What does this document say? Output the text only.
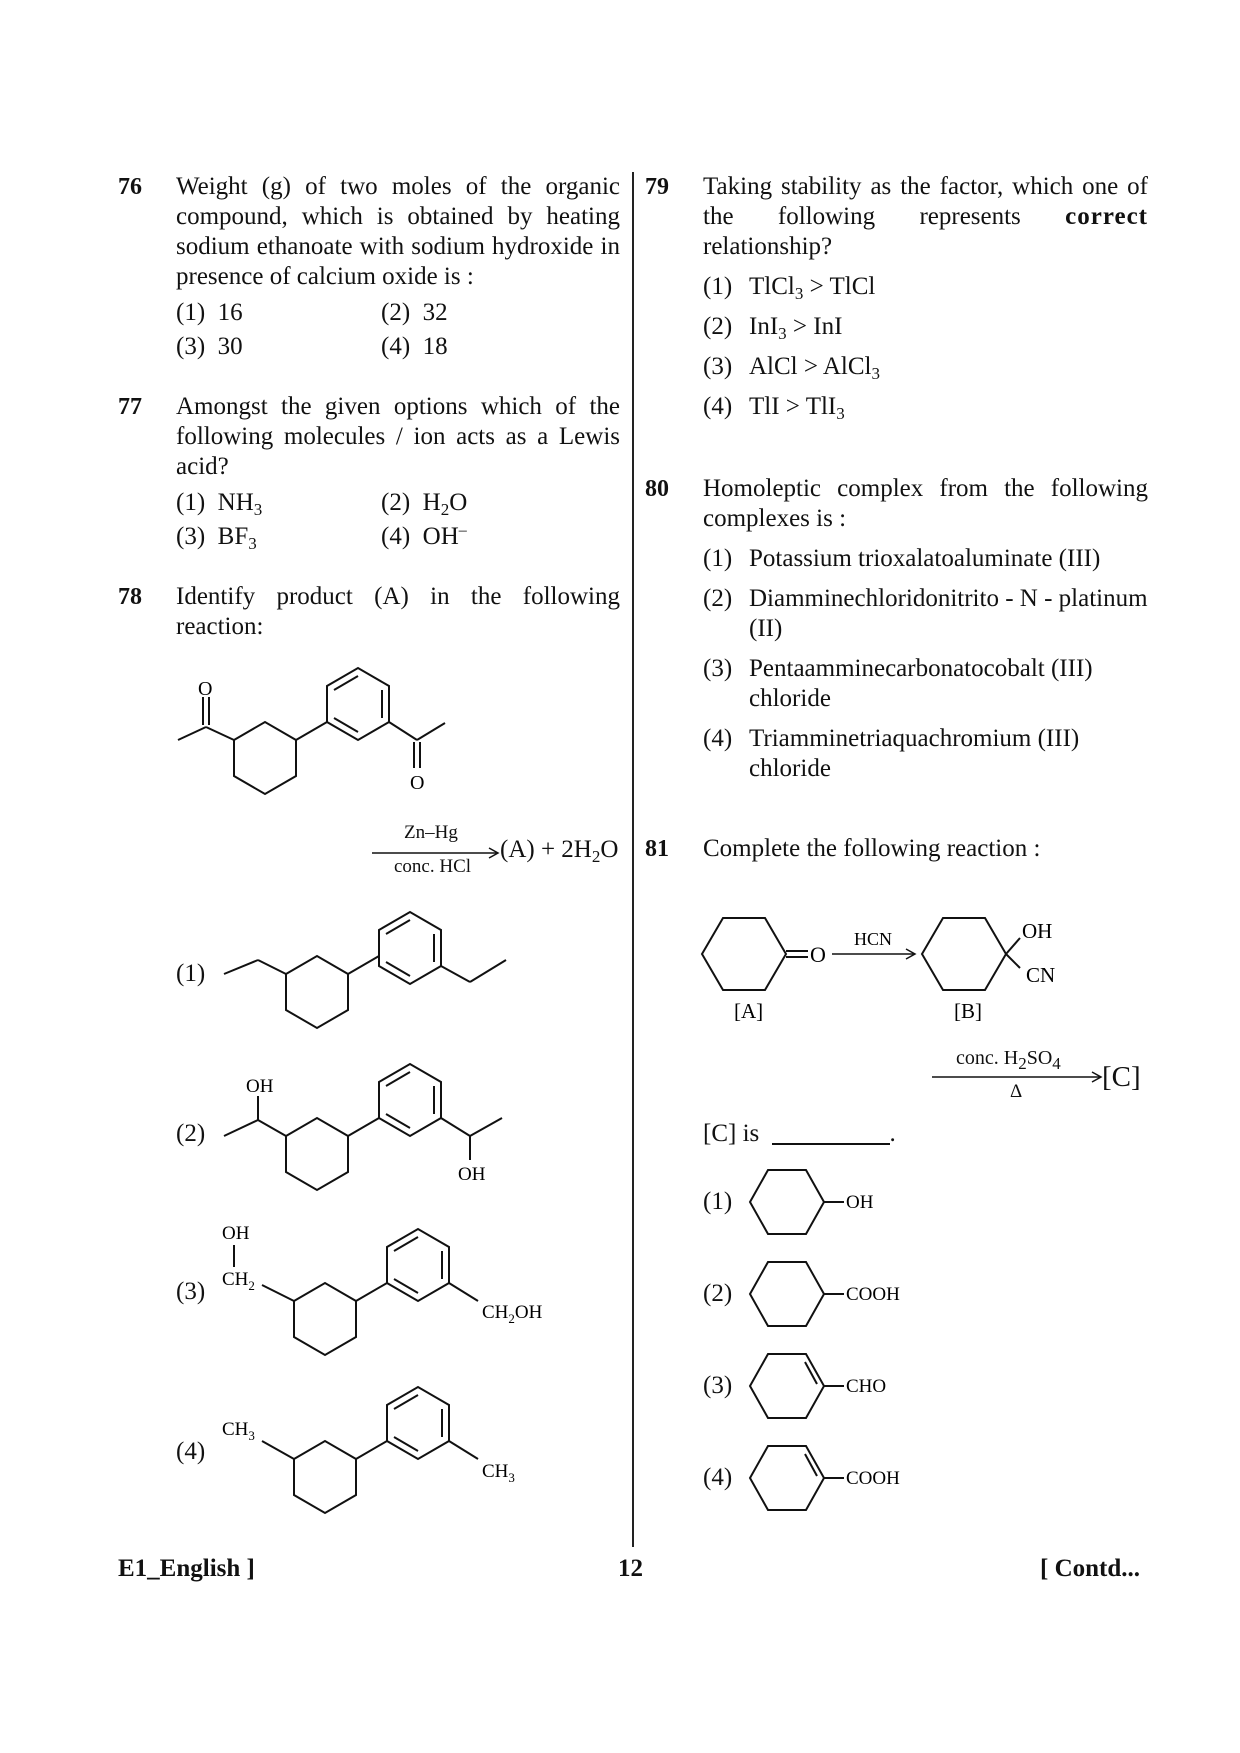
76 Weight (g) of two moles of the organic compound, which is obtained by heating sodium ethanoate with sodium hydroxide in presence of calcium oxide is :
(1) 16	(2) 32
(3) 30	(4) 18
77 Amongst the given options which of the following molecules / ion acts as a Lewis acid?
(1) $NH_3$	(2) $H_2O$
(3) $BF_3$	(4) OH–
78 Identify product (A) in the following reaction:
O
O
Zn–Hg
conc. HCl
$(A) + 2H_2O$
(1)
(2)
OH
OH
(3)
OH
$CH_2$
$CH_2OH$
(4)
$CH_3$
$CH_3$
79 Taking stability as the factor, which one of the following represents correct
relationship?
(1) TlCl$_3$ > TlCl
(2) InI$_3$ > InI
(3) AlCl > AlCl$_3$
(4) TlI > TlI$_3$
80 Homoleptic complex from the following complexes is :
(1) Potassium trioxalatoaluminate (III)
(2) Diamminechloridonitrito - N - platinum (II)
(3) Pentaamminecarbonatocobalt (III) chloride
(4) Triamminetriaquachromium (III) chloride
81 Complete the following reaction :
O
HCN	OH
CN
[A]	[B]
conc. $H_2SO_4$
Δ	[C]
[C] is	.
(1)	OH
(2)	COOH
(3)	CHO
(4)	COOH
E1_English ]	12	[ Contd...
